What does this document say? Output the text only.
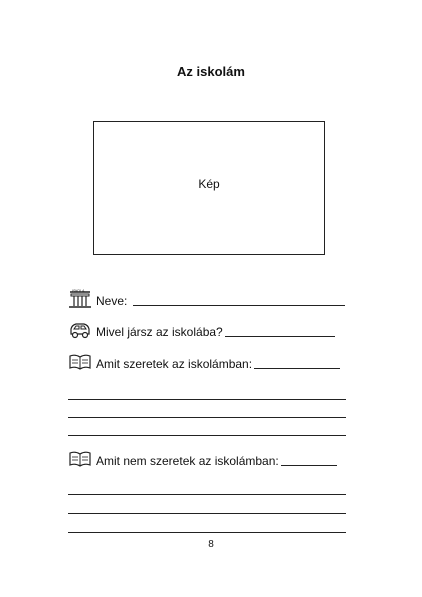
Az iskolám
Kép
ISKOLA
Neve:
Mivel jársz az iskolába?
Amit szeretek az iskolámban:
Amit nem szeretek az iskolámban:
8
